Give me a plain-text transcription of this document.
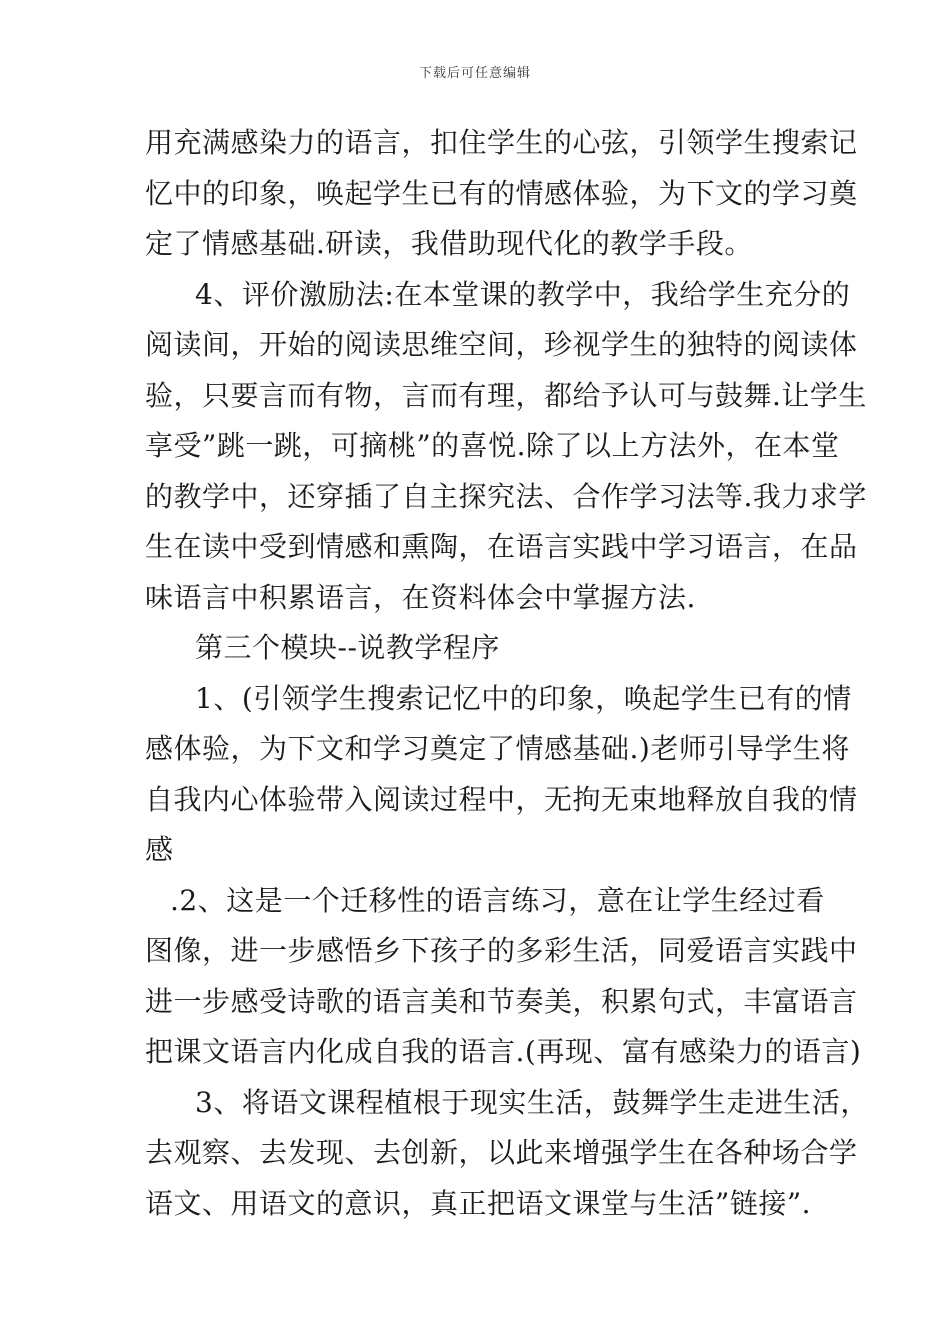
下载后可任意编辑
用充满感染力的语言，扣住学生的心弦，引领学生搜索记
忆中的印象，唤起学生已有的情感体验，为下文的学习奠
定了情感基础.研读，我借助现代化的教学手段。
4、评价激励法:在本堂课的教学中，我给学生充分的
阅读间，开始的阅读思维空间，珍视学生的独特的阅读体
验，只要言而有物，言而有理，都给予认可与鼓舞.让学生
享受”跳一跳，可摘桃”的喜悦.除了以上方法外，在本堂
的教学中，还穿插了自主探究法、合作学习法等.我力求学
生在读中受到情感和熏陶，在语言实践中学习语言，在品
味语言中积累语言，在资料体会中掌握方法.
第三个模块--说教学程序
1、(引领学生搜索记忆中的印象，唤起学生已有的情
感体验，为下文和学习奠定了情感基础.)老师引导学生将
自我内心体验带入阅读过程中，无拘无束地释放自我的情
感
.2、这是一个迁移性的语言练习，意在让学生经过看
图像，进一步感悟乡下孩子的多彩生活，同爱语言实践中
进一步感受诗歌的语言美和节奏美，积累句式，丰富语言
把课文语言内化成自我的语言.(再现、富有感染力的语言)
3、将语文课程植根于现实生活，鼓舞学生走进生活，
去观察、去发现、去创新，以此来增强学生在各种场合学
语文、用语文的意识，真正把语文课堂与生活”链接”.
